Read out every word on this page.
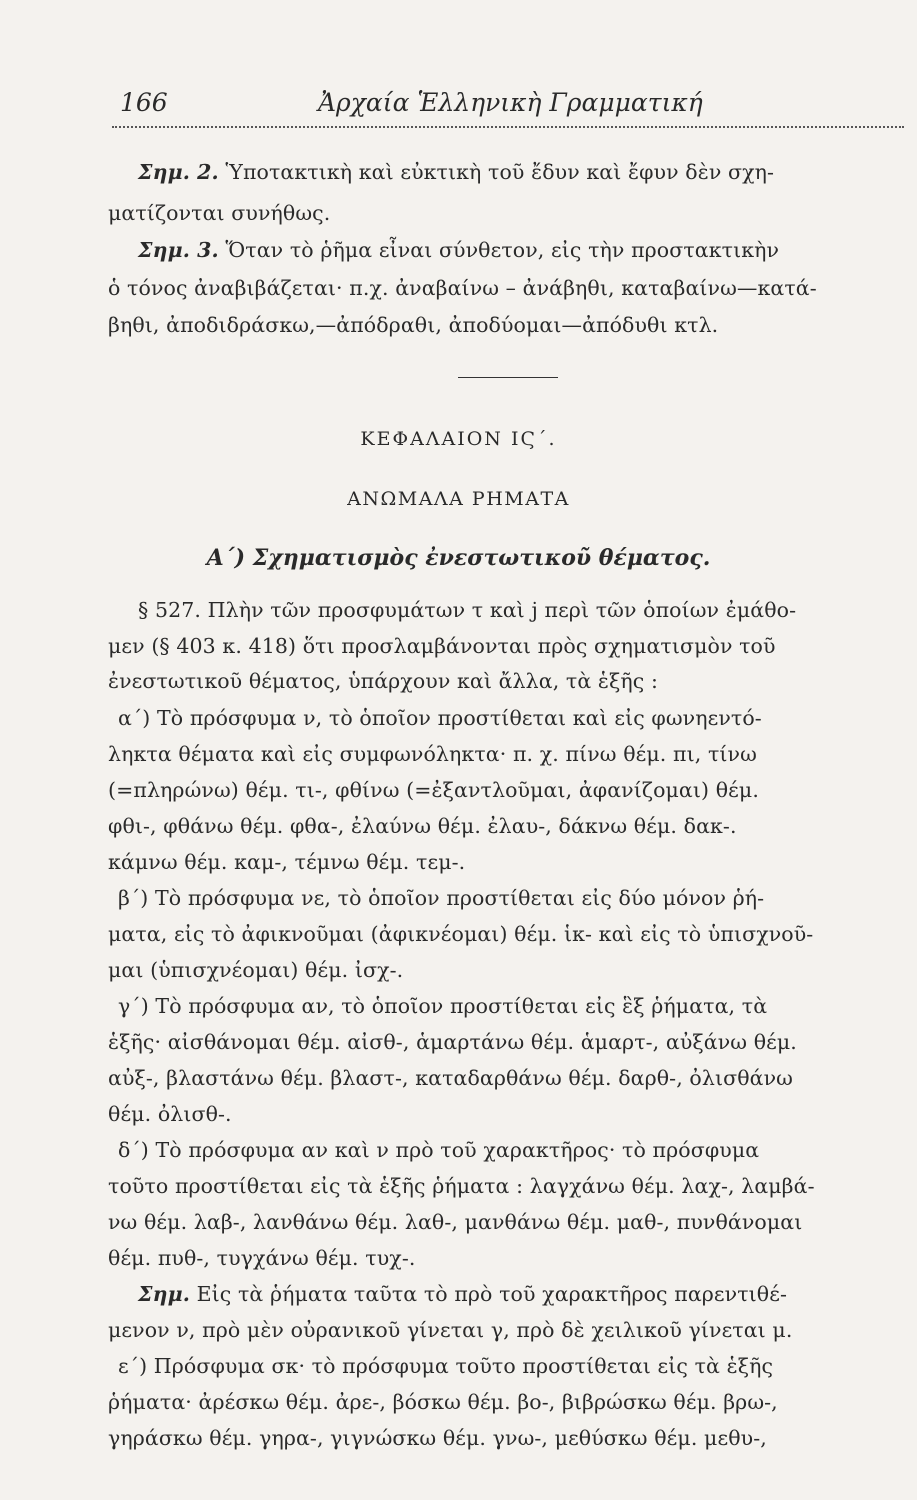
166	Ἀρχαία Ἑλληνικὴ Γραμματική
Σημ. 2. Ὑποτακτικὴ καὶ εὐκτικὴ τοῦ ἔδυν καὶ ἔφυν δὲν σχη-
ματίζονται συνήθως.
Σημ. 3. Ὅταν τὸ ῥῆμα εἶναι σύνθετον, εἰς τὴν προστακτικὴν
ὁ τόνος ἀναβιβάζεται· π.χ. ἀναβαίνω – ἀνάβηθι, καταβαίνω—κατά-
βηθι, ἀποδιδράσκω,—ἀπόδραθι, ἀποδύομαι—ἀπόδυθι κτλ.
ΚΕΦΑΛΑΙΟΝ ΙϚ΄.
ΑΝΩΜΑΛΑ ΡΗΜΑΤΑ
Α΄) Σχηματισμὸς ἐνεστωτικοῦ θέματος.
§ 527. Πλὴν τῶν προσφυμάτων τ καὶ j περὶ τῶν ὁποίων ἐμάθο-
μεν (§ 403 κ. 418) ὅτι προσλαμβάνονται πρὸς σχηματισμὸν τοῦ
ἐνεστωτικοῦ θέματος, ὑπάρχουν καὶ ἄλλα, τὰ ἑξῆς :
α΄) Τὸ πρόσφυμα ν, τὸ ὁποῖον προστίθεται καὶ εἰς φωνηεντό-
ληκτα θέματα καὶ εἰς συμφωνόληκτα· π. χ. πίνω θέμ. πι, τίνω
(=πληρώνω) θέμ. τι-, φθίνω (=ἐξαντλοῦμαι, ἀφανίζομαι) θέμ.
φθι-, φθάνω θέμ. φθα-, ἐλαύνω θέμ. ἐλαυ-, δάκνω θέμ. δακ-.
κάμνω θέμ. καμ-, τέμνω θέμ. τεμ-.
β΄) Τὸ πρόσφυμα νε, τὸ ὁποῖον προστίθεται εἰς δύο μόνον ῥή-
ματα, εἰς τὸ ἀφικνοῦμαι (ἀφικνέομαι) θέμ. ἱκ- καὶ εἰς τὸ ὑπισχνοῦ-
μαι (ὑπισχνέομαι) θέμ. ἰσχ-.
γ΄) Τὸ πρόσφυμα αν, τὸ ὁποῖον προστίθεται εἰς ἓξ ῥήματα, τὰ
ἑξῆς· αἰσθάνομαι θέμ. αἰσθ-, ἁμαρτάνω θέμ. ἁμαρτ-, αὐξάνω θέμ.
αὐξ-, βλαστάνω θέμ. βλαστ-, καταδαρθάνω θέμ. δαρθ-, ὀλισθάνω
θέμ. ὀλισθ-.
δ΄) Τὸ πρόσφυμα αν καὶ ν πρὸ τοῦ χαρακτῆρος· τὸ πρόσφυμα
τοῦτο προστίθεται εἰς τὰ ἑξῆς ῥήματα : λαγχάνω θέμ. λαχ-, λαμβά-
νω θέμ. λαβ-, λανθάνω θέμ. λαθ-, μανθάνω θέμ. μαθ-, πυνθάνομαι
θέμ. πυθ-, τυγχάνω θέμ. τυχ-.
Σημ. Εἰς τὰ ῥήματα ταῦτα τὸ πρὸ τοῦ χαρακτῆρος παρεντιθέ-
μενον ν, πρὸ μὲν οὐρανικοῦ γίνεται γ, πρὸ δὲ χειλικοῦ γίνεται μ.
ε΄) Πρόσφυμα σκ· τὸ πρόσφυμα τοῦτο προστίθεται εἰς τὰ ἑξῆς
ῥήματα· ἀρέσκω θέμ. ἀρε-, βόσκω θέμ. βο-, βιβρώσκω θέμ. βρω-,
γηράσκω θέμ. γηρα-, γιγνώσκω θέμ. γνω-, μεθύσκω θέμ. μεθυ-,
